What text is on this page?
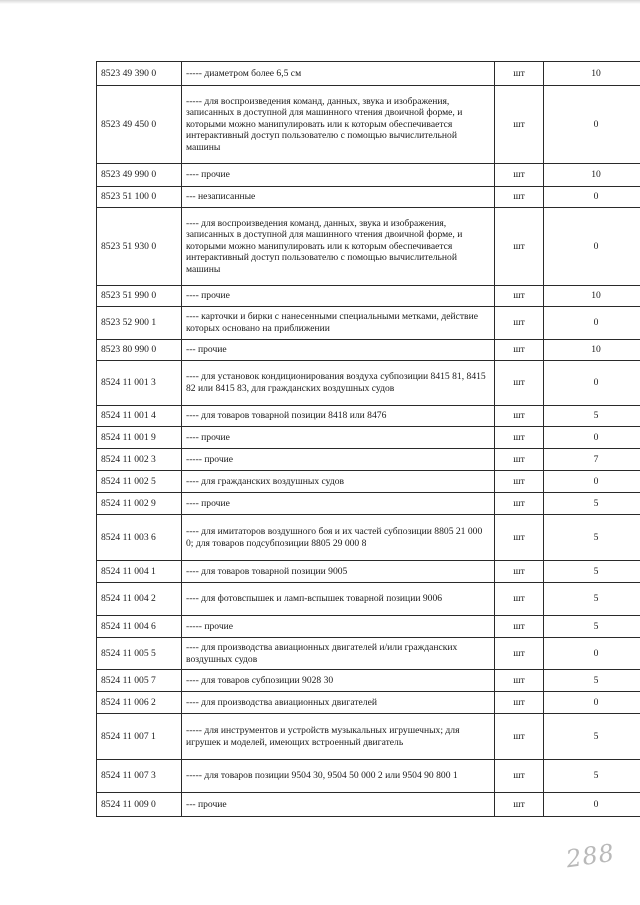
8523 49 390 0	----- диаметром более 6,5 см	шт	10
8523 49 450 0	----- для воспроизведения команд, данных, звука и изображения, записанных в доступной для машинного чтения двоичной форме, и которыми можно манипулировать или к которым обеспечивается интерактивный доступ пользователю с помощью вычислительной машины	шт	0
8523 49 990 0	---- прочие	шт	10
8523 51 100 0	--- незаписанные	шт	0
8523 51 930 0	---- для воспроизведения команд, данных, звука и изображения, записанных в доступной для машинного чтения двоичной форме, и которыми можно манипулировать или к которым обеспечивается интерактивный доступ пользователю с помощью вычислительной машины	шт	0
8523 51 990 0	---- прочие	шт	10
8523 52 900 1	---- карточки и бирки с нанесенными специальными метками, действие которых основано на приближении	шт	0
8523 80 990 0	--- прочие	шт	10
8524 11 001 3	---- для установок кондиционирования воздуха субпозиции 8415 81, 8415 82 или 8415 83, для гражданских воздушных судов	шт	0
8524 11 001 4	---- для товаров товарной позиции 8418 или 8476	шт	5
8524 11 001 9	---- прочие	шт	0
8524 11 002 3	----- прочие	шт	7
8524 11 002 5	---- для гражданских воздушных судов	шт	0
8524 11 002 9	---- прочие	шт	5
8524 11 003 6	---- для имитаторов воздушного боя и их частей субпозиции 8805 21 000 0; для товаров подсубпозиции 8805 29 000 8	шт	5
8524 11 004 1	---- для товаров товарной позиции 9005	шт	5
8524 11 004 2	---- для фотовспышек и ламп-вспышек товарной позиции 9006	шт	5
8524 11 004 6	----- прочие	шт	5
8524 11 005 5	---- для производства авиационных двигателей и/или гражданских воздушных судов	шт	0
8524 11 005 7	---- для товаров субпозиции 9028 30	шт	5
8524 11 006 2	---- для производства авиационных двигателей	шт	0
8524 11 007 1	----- для инструментов и устройств музыкальных игрушечных; для игрушек и моделей, имеющих встроенный двигатель	шт	5
8524 11 007 3	----- для товаров позиции 9504 30, 9504 50 000 2 или 9504 90 800 1	шт	5
8524 11 009 0	--- прочие	шт	0
288
